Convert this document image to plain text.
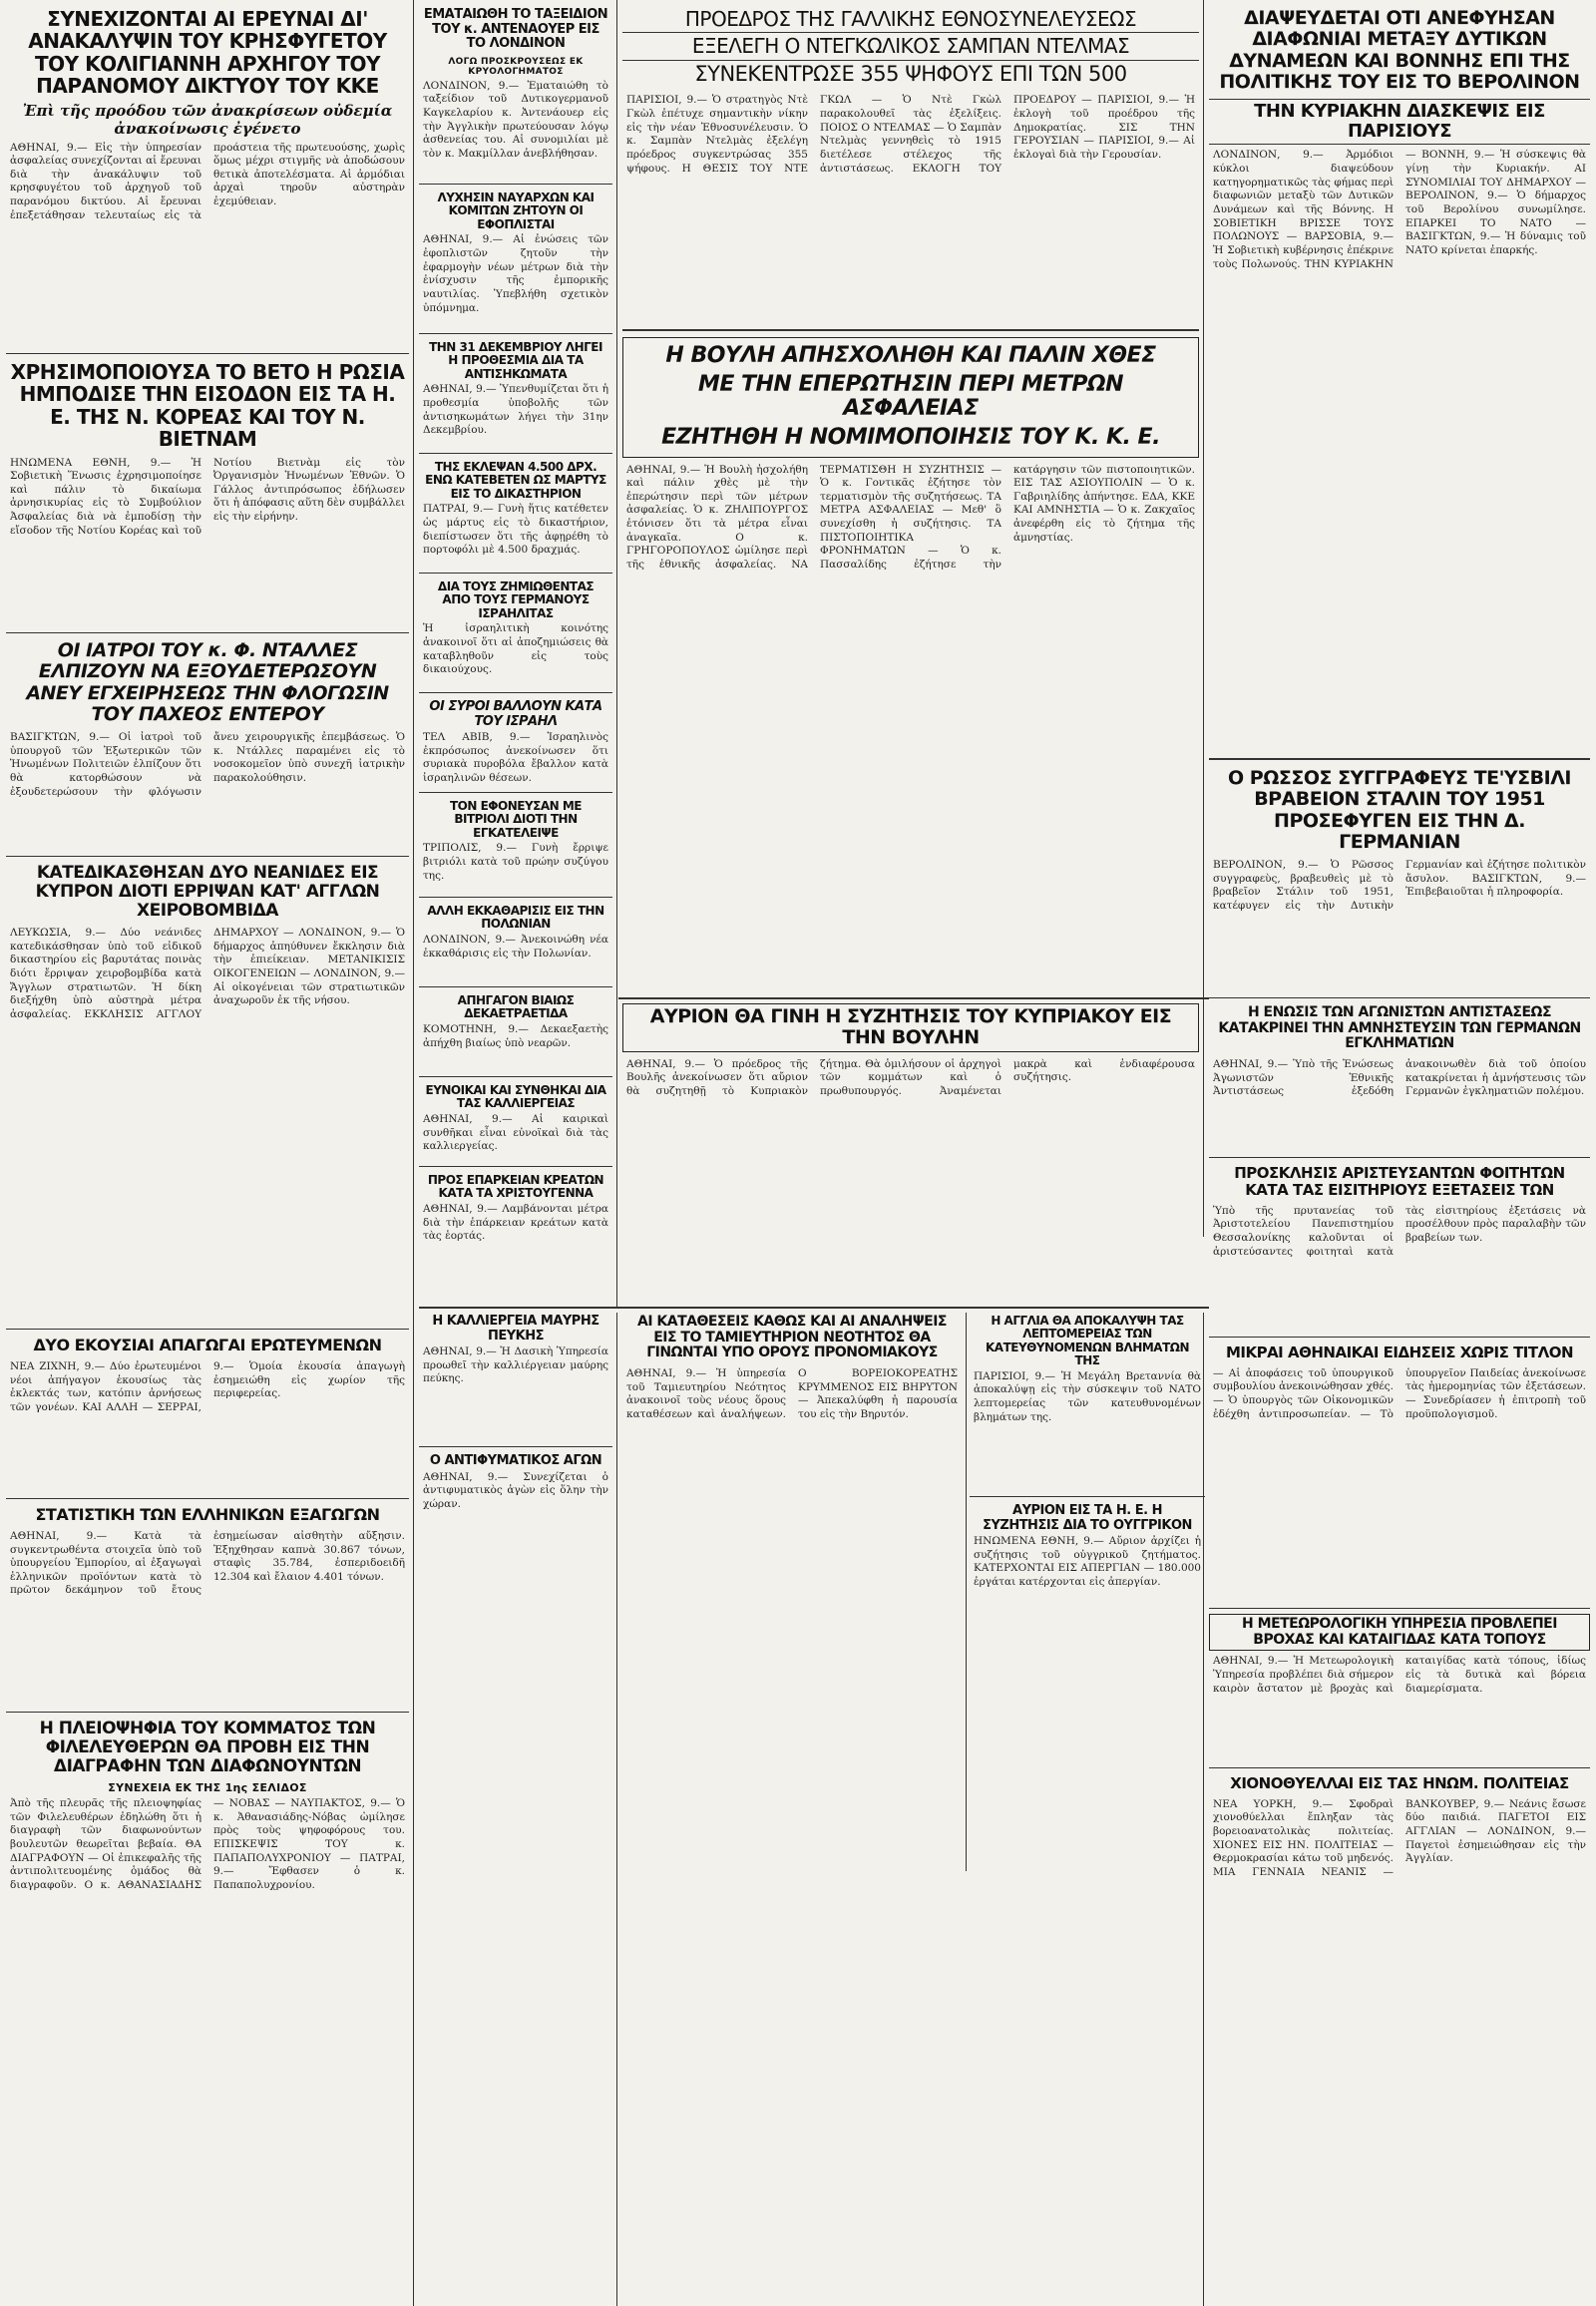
ΣΥΝΕΧΙΖΟΝΤΑΙ ΑΙ ΕΡΕΥΝΑΙ ΔΙ' ΑΝΑΚΑΛΥΨΙΝ ΤΟΥ ΚΡΗΣΦΥΓΕΤΟΥ ΤΟΥ ΚΟΛΙΓΙΑΝΝΗ ΑΡΧΗΓΟΥ ΤΟΥ ΠΑΡΑΝΟΜΟΥ ΔΙΚΤΥΟΥ ΤΟΥ ΚΚΕ
Ἐπὶ τῆς προόδου τῶν ἀνακρίσεων οὐδεμία ἀνακοίνωσις ἐγένετο
ΑΘΗΝΑΙ, 9.— Εἰς τὴν ὑπηρεσίαν ἀσφαλείας συνεχίζονται αἱ ἔρευναι διὰ τὴν ἀνακάλυψιν τοῦ κρησφυγέτου τοῦ ἀρχηγοῦ τοῦ παρανόμου δικτύου. Αἱ ἔρευναι ἐπεξετάθησαν τελευταίως εἰς τὰ προάστεια τῆς πρωτευούσης, χωρὶς ὅμως μέχρι στιγμῆς νὰ ἀποδώσουν θετικὰ ἀποτελέσματα. Αἱ ἀρμόδιαι ἀρχαὶ τηροῦν αὐστηρὰν ἐχεμύθειαν.
ΧΡΗΣΙΜΟΠΟΙΟΥΣΑ ΤΟ ΒΕΤΟ Η ΡΩΣΙΑ ΗΜΠΟΔΙΣΕ ΤΗΝ ΕΙΣΟΔΟΝ ΕΙΣ ΤΑ Η. Ε. ΤΗΣ Ν. ΚΟΡΕΑΣ ΚΑΙ ΤΟΥ Ν. ΒΙΕΤΝΑΜ
ΗΝΩΜΕΝΑ ΕΘΝΗ, 9.— Ἡ Σοβιετικὴ Ἕνωσις ἐχρησιμοποίησε καὶ πάλιν τὸ δικαίωμα ἀρνησικυρίας εἰς τὸ Συμβούλιον Ἀσφαλείας διὰ νὰ ἐμποδίσῃ τὴν εἴσοδον τῆς Νοτίου Κορέας καὶ τοῦ Νοτίου Βιετνὰμ εἰς τὸν Ὀργανισμὸν Ἡνωμένων Ἐθνῶν. Ὁ Γάλλος ἀντιπρόσωπος ἐδήλωσεν ὅτι ἡ ἀπόφασις αὕτη δὲν συμβάλλει εἰς τὴν εἰρήνην.
ΟΙ ΙΑΤΡΟΙ ΤΟΥ κ. Φ. ΝΤΑΛΛΕΣ ΕΛΠΙΖΟΥΝ ΝΑ ΕΞΟΥΔΕΤΕΡΩΣΟΥΝ ΑΝΕΥ ΕΓΧΕΙΡΗΣΕΩΣ ΤΗΝ ΦΛΟΓΩΣΙΝ ΤΟΥ ΠΑΧΕΟΣ ΕΝΤΕΡΟΥ
ΒΑΣΙΓΚΤΩΝ, 9.— Οἱ ἰατροὶ τοῦ ὑπουργοῦ τῶν Ἐξωτερικῶν τῶν Ἡνωμένων Πολιτειῶν ἐλπίζουν ὅτι θὰ κατορθώσουν νὰ ἐξουδετερώσουν τὴν φλόγωσιν ἄνευ χειρουργικῆς ἐπεμβάσεως. Ὁ κ. Ντάλλες παραμένει εἰς τὸ νοσοκομεῖον ὑπὸ συνεχῆ ἰατρικὴν παρακολούθησιν.
ΚΑΤΕΔΙΚΑΣΘΗΣΑΝ ΔΥΟ ΝΕΑΝΙΔΕΣ ΕΙΣ ΚΥΠΡΟΝ ΔΙΟΤΙ ΕΡΡΙΨΑΝ ΚΑΤ' ΑΓΓΛΩΝ ΧΕΙΡΟΒΟΜΒΙΔΑ
ΛΕΥΚΩΣΙΑ, 9.— Δύο νεάνιδες κατεδικάσθησαν ὑπὸ τοῦ εἰδικοῦ δικαστηρίου εἰς βαρυτάτας ποινὰς διότι ἔρριψαν χειροβομβίδα κατὰ Ἄγγλων στρατιωτῶν. Ἡ δίκη διεξήχθη ὑπὸ αὐστηρὰ μέτρα ἀσφαλείας. ΕΚΚΛΗΣΙΣ ΑΓΓΛΟΥ ΔΗΜΑΡΧΟΥ — ΛΟΝΔΙΝΟΝ, 9.— Ὁ δήμαρχος ἀπηύθυνεν ἔκκλησιν διὰ τὴν ἐπιείκειαν. ΜΕΤΑΝΙΚΙΣΙΣ ΟΙΚΟΓΕΝΕΙΩΝ — ΛΟΝΔΙΝΟΝ, 9.— Αἱ οἰκογένειαι τῶν στρατιωτικῶν ἀναχωροῦν ἐκ τῆς νήσου.
ΔΥΟ ΕΚΟΥΣΙΑΙ ΑΠΑΓΩΓΑΙ ΕΡΩΤΕΥΜΕΝΩΝ
ΝΕΑ ΖΙΧΝΗ, 9.— Δύο ἐρωτευμένοι νέοι ἀπήγαγον ἑκουσίως τὰς ἐκλεκτάς των, κατόπιν ἀρνήσεως τῶν γονέων. ΚΑΙ ΑΛΛΗ — ΣΕΡΡΑΙ, 9.— Ὁμοία ἑκουσία ἀπαγωγὴ ἐσημειώθη εἰς χωρίον τῆς περιφερείας.
ΣΤΑΤΙΣΤΙΚΗ ΤΩΝ ΕΛΛΗΝΙΚΩΝ ΕΞΑΓΩΓΩΝ
ΑΘΗΝΑΙ, 9.— Κατὰ τὰ συγκεντρωθέντα στοιχεῖα ὑπὸ τοῦ ὑπουργείου Ἐμπορίου, αἱ ἐξαγωγαὶ ἑλληνικῶν προϊόντων κατὰ τὸ πρῶτον δεκάμηνον τοῦ ἔτους ἐσημείωσαν αἰσθητὴν αὔξησιν. Ἐξηχθησαν καπνὰ 30.867 τόνων, σταφὶς 35.784, ἐσπεριδοειδῆ 12.304 καὶ ἔλαιον 4.401 τόνων.
Η ΠΛΕΙΟΨΗΦΙΑ ΤΟΥ ΚΟΜΜΑΤΟΣ ΤΩΝ ΦΙΛΕΛΕΥΘΕΡΩΝ ΘΑ ΠΡΟΒΗ ΕΙΣ ΤΗΝ ΔΙΑΓΡΑΦΗΝ ΤΩΝ ΔΙΑΦΩΝΟΥΝΤΩΝ
ΣΥΝΕΧΕΙΑ ΕΚ ΤΗΣ 1ης ΣΕΛΙΔΟΣ
Ἀπὸ τῆς πλευρᾶς τῆς πλειοψηφίας τῶν Φιλελευθέρων ἐδηλώθη ὅτι ἡ διαγραφὴ τῶν διαφωνούντων βουλευτῶν θεωρεῖται βεβαία. ΘΑ ΔΙΑΓΡΑΦΟΥΝ — Οἱ ἐπικεφαλῆς τῆς ἀντιπολιτευομένης ὁμάδος θὰ διαγραφοῦν. Ο κ. ΑΘΑΝΑΣΙΑΔΗΣ — ΝΟΒΑΣ — ΝΑΥΠΑΚΤΟΣ, 9.— Ὁ κ. Ἀθανασιάδης-Νόβας ὡμίλησε πρὸς τοὺς ψηφοφόρους του. ΕΠΙΣΚΕΨΙΣ ΤΟΥ κ. ΠΑΠΑΠΟΛΥΧΡΟΝΙΟΥ — ΠΑΤΡΑΙ, 9.— Ἔφθασεν ὁ κ. Παπαπολυχρονίου.
ΕΜΑΤΑΙΩΘΗ ΤΟ ΤΑΞΕΙΔΙΟΝ ΤΟΥ κ. ΑΝΤΕΝΑΟΥΕΡ ΕΙΣ ΤΟ ΛΟΝΔΙΝΟΝ
ΛΟΓΩ ΠΡΟΣΚΡΟΥΣΕΩΣ ΕΚ ΚΡΥΟΛΟΓΗΜΑΤΟΣ
ΛΟΝΔΙΝΟΝ, 9.— Ἐματαιώθη τὸ ταξείδιον τοῦ Δυτικογερμανοῦ Καγκελαρίου κ. Ἀντενάουερ εἰς τὴν Ἀγγλικὴν πρωτεύουσαν λόγῳ ἀσθενείας του. Αἱ συνομιλίαι μὲ τὸν κ. Μακμίλλαν ἀνεβλήθησαν.
ΛΥΧΗΣΙΝ ΝΑΥΑΡΧΩΝ ΚΑΙ ΚΟΜΙΤΩΝ ΖΗΤΟΥΝ ΟΙ ΕΦΟΠΛΙΣΤΑΙ
ΑΘΗΝΑΙ, 9.— Αἱ ἐνώσεις τῶν ἐφοπλιστῶν ζητοῦν τὴν ἐφαρμογὴν νέων μέτρων διὰ τὴν ἐνίσχυσιν τῆς ἐμπορικῆς ναυτιλίας. Ὑπεβλήθη σχετικὸν ὑπόμνημα.
ΤΗΝ 31 ΔΕΚΕΜΒΡΙΟΥ ΛΗΓΕΙ Η ΠΡΟΘΕΣΜΙΑ ΔΙΑ ΤΑ ΑΝΤΙΣΗΚΩΜΑΤΑ
ΑΘΗΝΑΙ, 9.— Ὑπενθυμίζεται ὅτι ἡ προθεσμία ὑποβολῆς τῶν ἀντισηκωμάτων λήγει τὴν 31ην Δεκεμβρίου.
ΤΗΣ ΕΚΛΕΨΑΝ 4.500 ΔΡΧ. ΕΝΩ ΚΑΤΕΒΕΤΕΝ ΩΣ ΜΑΡΤΥΣ ΕΙΣ ΤΟ ΔΙΚΑΣΤΗΡΙΟΝ
ΠΑΤΡΑΙ, 9.— Γυνὴ ἥτις κατέθετεν ὡς μάρτυς εἰς τὸ δικαστήριον, διεπίστωσεν ὅτι τῆς ἀφῃρέθη τὸ πορτοφόλι μὲ 4.500 δραχμάς.
ΔΙΑ ΤΟΥΣ ΖΗΜΙΩΘΕΝΤΑΣ ΑΠΟ ΤΟΥΣ ΓΕΡΜΑΝΟΥΣ ΙΣΡΑΗΛΙΤΑΣ
Ἡ ἰσραηλιτικὴ κοινότης ἀνακοινοῖ ὅτι αἱ ἀποζημιώσεις θὰ καταβληθοῦν εἰς τοὺς δικαιούχους.
ΟΙ ΣΥΡΟΙ ΒΑΛΛΟΥΝ ΚΑΤΑ ΤΟΥ ΙΣΡΑΗΛ
ΤΕΛ ΑΒΙΒ, 9.— Ἰσραηλινὸς ἐκπρόσωπος ἀνεκοίνωσεν ὅτι συριακὰ πυροβόλα ἔβαλλον κατὰ ἰσραηλινῶν θέσεων.
ΤΟΝ ΕΦΟΝΕΥΣΑΝ ΜΕ ΒΙΤΡΙΟΛΙ ΔΙΟΤΙ ΤΗΝ ΕΓΚΑΤΕΛΕΙΨΕ
ΤΡΙΠΟΛΙΣ, 9.— Γυνὴ ἔρριψε βιτριόλι κατὰ τοῦ πρώην συζύγου της.
ΑΛΛΗ ΕΚΚΑΘΑΡΙΣΙΣ ΕΙΣ ΤΗΝ ΠΟΛΩΝΙΑΝ
ΛΟΝΔΙΝΟΝ, 9.— Ἀνεκοινώθη νέα ἐκκαθάρισις εἰς τὴν Πολωνίαν.
ΑΠΗΓΑΓΟΝ ΒΙΑΙΩΣ ΔΕΚΑΕΤΡΑΕΤΙΔΑ
ΚΟΜΟΤΗΝΗ, 9.— Δεκαεξαετὴς ἀπήχθη βιαίως ὑπὸ νεαρῶν.
ΕΥΝΟΙΚΑΙ ΚΑΙ ΣΥΝΘΗΚΑΙ ΔΙΑ ΤΑΣ ΚΑΛΛΙΕΡΓΕΙΑΣ
ΑΘΗΝΑΙ, 9.— Αἱ καιρικαὶ συνθῆκαι εἶναι εὐνοϊκαὶ διὰ τὰς καλλιεργείας.
ΠΡΟΣ ΕΠΑΡΚΕΙΑΝ ΚΡΕΑΤΩΝ ΚΑΤΑ ΤΑ ΧΡΙΣΤΟΥΓΕΝΝΑ
ΑΘΗΝΑΙ, 9.— Λαμβάνονται μέτρα διὰ τὴν ἐπάρκειαν κρεάτων κατὰ τὰς ἑορτάς.
ΠΡΟΕΔΡΟΣ ΤΗΣ ΓΑΛΛΙΚΗΣ ΕΘΝΟΣΥΝΕΛΕΥΣΕΩΣ
ΕΞΕΛΕΓΗ Ο ΝΤΕΓΚΩΛΙΚΟΣ ΣΑΜΠΑΝ ΝΤΕΛΜΑΣ
ΣΥΝΕΚΕΝΤΡΩΣΕ 355 ΨΗΦΟΥΣ ΕΠΙ ΤΩΝ 500
ΠΑΡΙΣΙΟΙ, 9.— Ὁ στρατηγὸς Ντὲ Γκὼλ ἐπέτυχε σημαντικὴν νίκην εἰς τὴν νέαν Ἐθνοσυνέλευσιν. Ὁ κ. Σαμπὰν Ντελμὰς ἐξελέγη πρόεδρος συγκεντρώσας 355 ψήφους. Η ΘΕΣΙΣ ΤΟΥ ΝΤΕ ΓΚΩΛ — Ὁ Ντὲ Γκὼλ παρακολουθεῖ τὰς ἐξελίξεις. ΠΟΙΟΣ Ο ΝΤΕΛΜΑΣ — Ὁ Σαμπὰν Ντελμὰς γεννηθεὶς τὸ 1915 διετέλεσε στέλεχος τῆς ἀντιστάσεως. ΕΚΛΟΓΗ ΤΟΥ ΠΡΟΕΔΡΟΥ — ΠΑΡΙΣΙΟΙ, 9.— Ἡ ἐκλογὴ τοῦ προέδρου τῆς Δημοκρατίας. ΣΙΣ ΤΗΝ ΓΕΡΟΥΣΙΑΝ — ΠΑΡΙΣΙΟΙ, 9.— Αἱ ἐκλογαὶ διὰ τὴν Γερουσίαν.
Η ΒΟΥΛΗ ΑΠΗΣΧΟΛΗΘΗ ΚΑΙ ΠΑΛΙΝ ΧΘΕΣ
ΜΕ ΤΗΝ ΕΠΕΡΩΤΗΣΙΝ ΠΕΡΙ ΜΕΤΡΩΝ ΑΣΦΑΛΕΙΑΣ
ΕΖΗΤΗΘΗ Η ΝΟΜΙΜΟΠΟΙΗΣΙΣ ΤΟΥ Κ. Κ. Ε.
ΑΘΗΝΑΙ, 9.— Ἡ Βουλὴ ἠσχολήθη καὶ πάλιν χθὲς μὲ τὴν ἐπερώτησιν περὶ τῶν μέτρων ἀσφαλείας. Ὁ κ. ΖΗΛΙΠΟΥΡΓΟΣ ἐτόνισεν ὅτι τὰ μέτρα εἶναι ἀναγκαῖα. Ο κ. ΓΡΗΓΟΡΟΠΟΥΛΟΣ ὡμίλησε περὶ τῆς ἐθνικῆς ἀσφαλείας. ΝΑ ΤΕΡΜΑΤΙΣΘΗ Η ΣΥΖΗΤΗΣΙΣ — Ὁ κ. Γοντικᾶς ἐζήτησε τὸν τερματισμὸν τῆς συζητήσεως. ΤΑ ΜΕΤΡΑ ΑΣΦΑΛΕΙΑΣ — Μεθ' ὃ συνεχίσθη ἡ συζήτησις. ΤΑ ΠΙΣΤΟΠΟΙΗΤΙΚΑ ΦΡΟΝΗΜΑΤΩΝ — Ὁ κ. Πασσαλίδης ἐζήτησε τὴν κατάργησιν τῶν πιστοποιητικῶν. ΕΙΣ ΤΑΣ ΑΣΙΟΥΠΟΛΙΝ — Ὁ κ. Γαβριηλίδης ἀπήντησε. ΕΔΑ, ΚΚΕ ΚΑΙ ΑΜΝΗΣΤΙΑ — Ὁ κ. Ζακχαῖος ἀνεφέρθη εἰς τὸ ζήτημα τῆς ἀμνηστίας.
ΔΙΑΨΕΥΔΕΤΑΙ ΟΤΙ ΑΝΕΦΥΗΣΑΝ ΔΙΑΦΩΝΙΑΙ ΜΕΤΑΞΥ ΔΥΤΙΚΩΝ ΔΥΝΑΜΕΩΝ ΚΑΙ ΒΟΝΝΗΣ ΕΠΙ ΤΗΣ ΠΟΛΙΤΙΚΗΣ ΤΟΥ ΕΙΣ ΤΟ ΒΕΡΟΛΙΝΟΝ
ΤΗΝ ΚΥΡΙΑΚΗΝ ΔΙΑΣΚΕΨΙΣ ΕΙΣ ΠΑΡΙΣΙΟΥΣ
ΛΟΝΔΙΝΟΝ, 9.— Ἀρμόδιοι κύκλοι διαψεύδουν κατηγορηματικῶς τὰς φήμας περὶ διαφωνιῶν μεταξὺ τῶν Δυτικῶν Δυνάμεων καὶ τῆς Βόννης. Η ΣΟΒΙΕΤΙΚΗ ΒΡΙΣΣΕ ΤΟΥΣ ΠΟΛΩΝΟΥΣ — ΒΑΡΣΟΒΙΑ, 9.— Ἡ Σοβιετικὴ κυβέρνησις ἐπέκρινε τοὺς Πολωνούς. ΤΗΝ ΚΥΡΙΑΚΗΝ — ΒΟΝΝΗ, 9.— Ἡ σύσκεψις θὰ γίνῃ τὴν Κυριακήν. ΑΙ ΣΥΝΟΜΙΛΙΑΙ ΤΟΥ ΔΗΜΑΡΧΟΥ — ΒΕΡΟΛΙΝΟΝ, 9.— Ὁ δήμαρχος τοῦ Βερολίνου συνωμίλησε. ΕΠΑΡΚΕΙ ΤΟ ΝΑΤΟ — ΒΑΣΙΓΚΤΩΝ, 9.— Ἡ δύναμις τοῦ ΝΑΤΟ κρίνεται ἐπαρκής.
Ο ΡΩΣΣΟΣ ΣΥΓΓΡΑΦΕΥΣ ΤΕ'ΥΣΒΙΛΙ ΒΡΑΒΕΙΟΝ ΣΤΑΛΙΝ ΤΟΥ 1951 ΠΡΟΣΕΦΥΓΕΝ ΕΙΣ ΤΗΝ Δ. ΓΕΡΜΑΝΙΑΝ
ΒΕΡΟΛΙΝΟΝ, 9.— Ὁ Ρῶσσος συγγραφεὺς, βραβευθεὶς μὲ τὸ βραβεῖον Στάλιν τοῦ 1951, κατέφυγεν εἰς τὴν Δυτικὴν Γερμανίαν καὶ ἐζήτησε πολιτικὸν ἄσυλον. ΒΑΣΙΓΚΤΩΝ, 9.— Ἐπιβεβαιοῦται ἡ πληροφορία.
Η ΕΝΩΣΙΣ ΤΩΝ ΑΓΩΝΙΣΤΩΝ ΑΝΤΙΣΤΑΣΕΩΣ ΚΑΤΑΚΡΙΝΕΙ ΤΗΝ ΑΜΝΗΣΤΕΥΣΙΝ ΤΩΝ ΓΕΡΜΑΝΩΝ ΕΓΚΛΗΜΑΤΙΩΝ
ΑΘΗΝΑΙ, 9.— Ὑπὸ τῆς Ἑνώσεως Ἀγωνιστῶν Ἐθνικῆς Ἀντιστάσεως ἐξεδόθη ἀνακοινωθὲν διὰ τοῦ ὁποίου κατακρίνεται ἡ ἀμνήστευσις τῶν Γερμανῶν ἐγκληματιῶν πολέμου.
ΠΡΟΣΚΛΗΣΙΣ ΑΡΙΣΤΕΥΣΑΝΤΩΝ ΦΟΙΤΗΤΩΝ ΚΑΤΑ ΤΑΣ ΕΙΣΙΤΗΡΙΟΥΣ ΕΞΕΤΑΣΕΙΣ ΤΩΝ
Ὑπὸ τῆς πρυτανείας τοῦ Ἀριστοτελείου Πανεπιστημίου Θεσσαλονίκης καλοῦνται οἱ ἀριστεύσαντες φοιτηταὶ κατὰ τὰς εἰσιτηρίους ἐξετάσεις νὰ προσέλθουν πρὸς παραλαβὴν τῶν βραβείων των.
ΜΙΚΡΑΙ ΑΘΗΝΑΙΚΑΙ ΕΙΔΗΣΕΙΣ ΧΩΡΙΣ ΤΙΤΛΟΝ
— Αἱ ἀποφάσεις τοῦ ὑπουργικοῦ συμβουλίου ἀνεκοινώθησαν χθές. — Ὁ ὑπουργὸς τῶν Οἰκονομικῶν ἐδέχθη ἀντιπροσωπείαν. — Τὸ ὑπουργεῖον Παιδείας ἀνεκοίνωσε τὰς ἡμερομηνίας τῶν ἐξετάσεων. — Συνεδρίασεν ἡ ἐπιτροπὴ τοῦ προϋπολογισμοῦ.
ΑΥΡΙΟΝ ΘΑ ΓΙΝΗ Η ΣΥΖΗΤΗΣΙΣ ΤΟΥ ΚΥΠΡΙΑΚΟΥ ΕΙΣ ΤΗΝ ΒΟΥΛΗΝ
ΑΘΗΝΑΙ, 9.— Ὁ πρόεδρος τῆς Βουλῆς ἀνεκοίνωσεν ὅτι αὔριον θὰ συζητηθῇ τὸ Κυπριακὸν ζήτημα. Θὰ ὁμιλήσουν οἱ ἀρχηγοὶ τῶν κομμάτων καὶ ὁ πρωθυπουργός. Ἀναμένεται μακρὰ καὶ ἐνδιαφέρουσα συζήτησις.
Η ΚΑΛΛΙΕΡΓΕΙΑ ΜΑΥΡΗΣ ΠΕΥΚΗΣ
ΑΘΗΝΑΙ, 9.— Ἡ Δασικὴ Ὑπηρεσία προωθεῖ τὴν καλλιέργειαν μαύρης πεύκης.
Ο ΑΝΤΙΦΥΜΑΤΙΚΟΣ ΑΓΩΝ
ΑΘΗΝΑΙ, 9.— Συνεχίζεται ὁ ἀντιφυματικὸς ἀγὼν εἰς ὅλην τὴν χώραν.
ΑΙ ΚΑΤΑΘΕΣΕΙΣ ΚΑΘΩΣ ΚΑΙ ΑΙ ΑΝΑΛΗΨΕΙΣ ΕΙΣ ΤΟ ΤΑΜΙΕΥΤΗΡΙΟΝ ΝΕΟΤΗΤΟΣ ΘΑ ΓΙΝΩΝΤΑΙ ΥΠΟ ΟΡΟΥΣ ΠΡΟΝΟΜΙΑΚΟΥΣ
ΑΘΗΝΑΙ, 9.— Ἡ ὑπηρεσία τοῦ Ταμιευτηρίου Νεότητος ἀνακοινοῖ τοὺς νέους ὅρους καταθέσεων καὶ ἀναλήψεων. Ο ΒΟΡΕΙΟΚΟΡΕΑΤΗΣ ΚΡΥΜΜΕΝΟΣ ΕΙΣ ΒΗΡΥΤΟΝ — Ἀπεκαλύφθη ἡ παρουσία του εἰς τὴν Βηρυτόν.
Η ΑΓΓΛΙΑ ΘΑ ΑΠΟΚΑΛΥΨΗ ΤΑΣ ΛΕΠΤΟΜΕΡΕΙΑΣ ΤΩΝ ΚΑΤΕΥΘΥΝΟΜΕΝΩΝ ΒΛΗΜΑΤΩΝ ΤΗΣ
ΠΑΡΙΣΙΟΙ, 9.— Ἡ Μεγάλη Βρεταννία θὰ ἀποκαλύψῃ εἰς τὴν σύσκεψιν τοῦ ΝΑΤΟ λεπτομερείας τῶν κατευθυνομένων βλημάτων της.
ΑΥΡΙΟΝ ΕΙΣ ΤΑ Η. Ε. Η ΣΥΖΗΤΗΣΙΣ ΔΙΑ ΤΟ ΟΥΓΓΡΙΚΟΝ
ΗΝΩΜΕΝΑ ΕΘΝΗ, 9.— Αὔριον ἀρχίζει ἡ συζήτησις τοῦ οὐγγρικοῦ ζητήματος. ΚΑΤΕΡΧΟΝΤΑΙ ΕΙΣ ΑΠΕΡΓΙΑΝ — 180.000 ἐργάται κατέρχονται εἰς ἀπεργίαν.
Η ΜΕΤΕΩΡΟΛΟΓΙΚΗ ΥΠΗΡΕΣΙΑ ΠΡΟΒΛΕΠΕΙ ΒΡΟΧΑΣ ΚΑΙ ΚΑΤΑΙΓΙΔΑΣ ΚΑΤΑ ΤΟΠΟΥΣ
ΑΘΗΝΑΙ, 9.— Ἡ Μετεωρολογικὴ Ὑπηρεσία προβλέπει διὰ σήμερον καιρὸν ἄστατον μὲ βροχὰς καὶ καταιγίδας κατὰ τόπους, ἰδίως εἰς τὰ δυτικὰ καὶ βόρεια διαμερίσματα.
ΧΙΟΝΟΘΥΕΛΛΑΙ ΕΙΣ ΤΑΣ ΗΝΩΜ. ΠΟΛΙΤΕΙΑΣ
ΝΕΑ ΥΟΡΚΗ, 9.— Σφοδραὶ χιονοθύελλαι ἔπληξαν τὰς βορειοανατολικὰς πολιτείας. ΧΙΟΝΕΣ ΕΙΣ ΗΝ. ΠΟΛΙΤΕΙΑΣ — Θερμοκρασίαι κάτω τοῦ μηδενός. ΜΙΑ ΓΕΝΝΑΙΑ ΝΕΑΝΙΣ — ΒΑΝΚΟΥΒΕΡ, 9.— Νεάνις ἔσωσε δύο παιδιά. ΠΑΓΕΤΟΙ ΕΙΣ ΑΓΓΛΙΑΝ — ΛΟΝΔΙΝΟΝ, 9.— Παγετοὶ ἐσημειώθησαν εἰς τὴν Ἀγγλίαν.
